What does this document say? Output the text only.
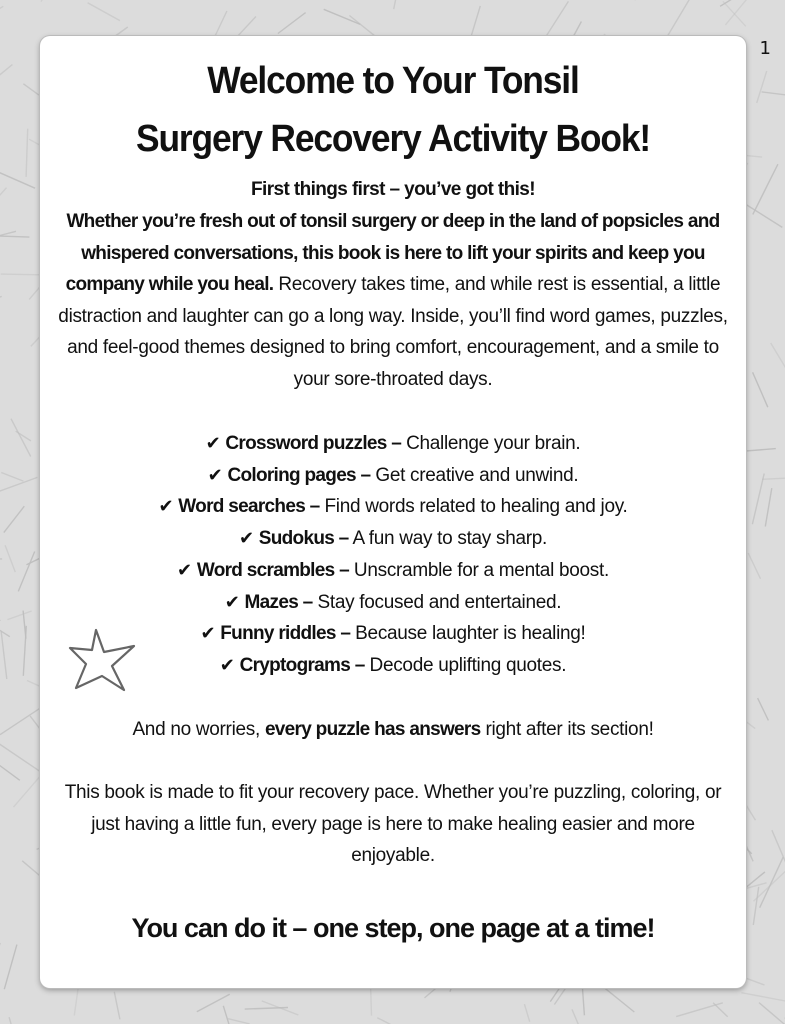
1
Welcome to Your Tonsil
Surgery Recovery Activity Book!
First things first – you’ve got this!

Whether you’re fresh out of tonsil surgery or deep in the land of popsicles and whispered conversations, this book is here to lift your spirits and keep you company while you heal. Recovery takes time, and while rest is essential, a little distraction and laughter can go a long way. Inside, you’ll find word games, puzzles, and feel-good themes designed to bring comfort, encouragement, and a smile to your sore-throated days.

✔ Crossword puzzles – Challenge your brain.
✔ Coloring pages – Get creative and unwind.
✔ Word searches – Find words related to healing and joy.
✔ Sudokus – A fun way to stay sharp.
✔ Word scrambles – Unscramble for a mental boost.
✔ Mazes – Stay focused and entertained.
✔ Funny riddles – Because laughter is healing!
✔ Cryptograms – Decode uplifting quotes.

And no worries, every puzzle has answers right after its section!

This book is made to fit your recovery pace. Whether you’re puzzling, coloring, or just having a little fun, every page is here to make healing easier and more enjoyable.

You can do it – one step, one page at a time!
